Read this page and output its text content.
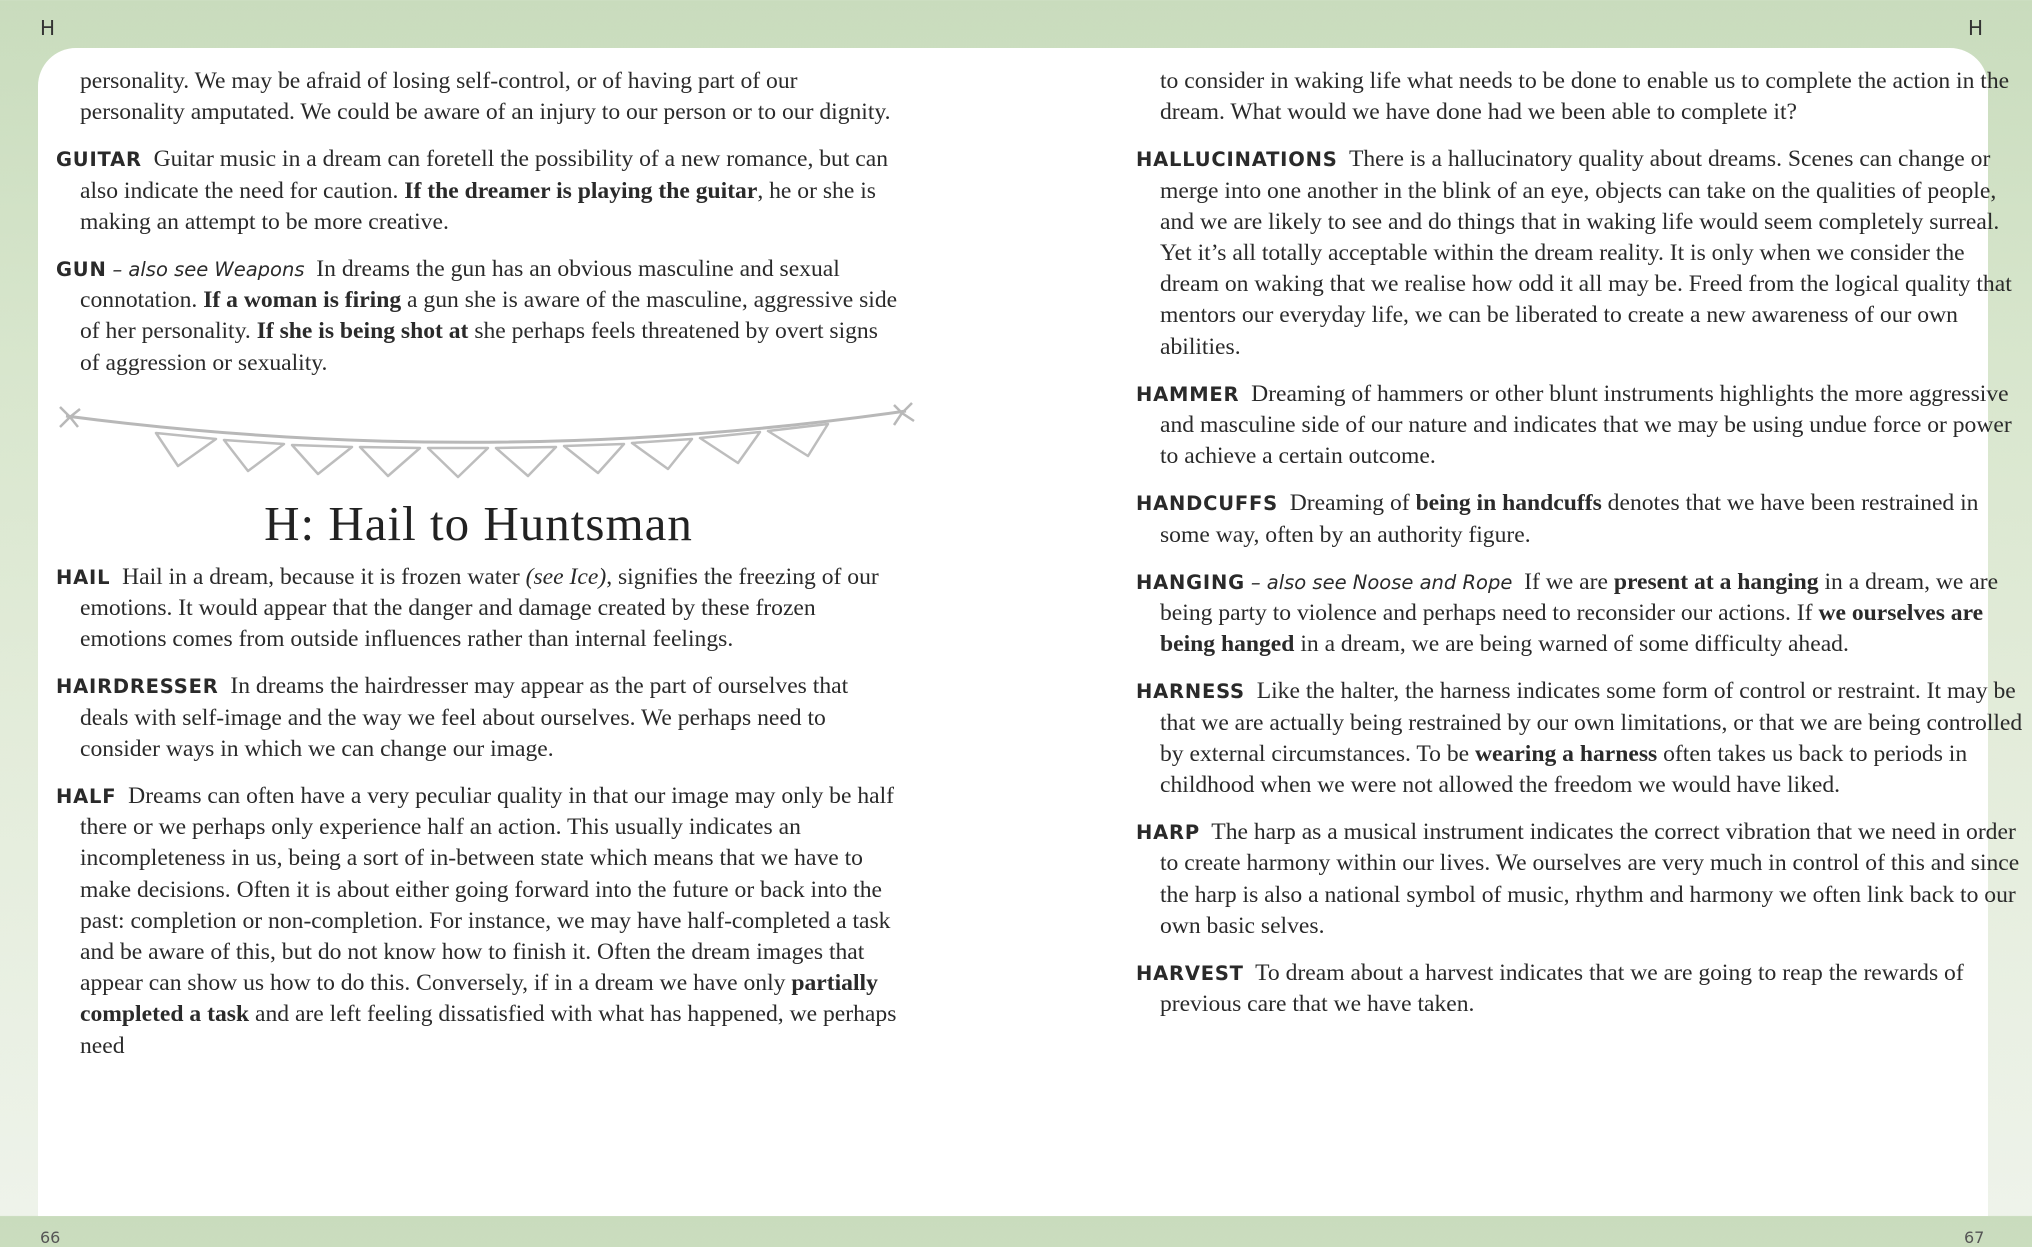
H	H

personality. We may be afraid of losing self-control, or of having part of our personality amputated. We could be aware of an injury to our person or to our dignity.

GUITAR Guitar music in a dream can foretell the possibility of a new romance, but can also indicate the need for caution. If the dreamer is playing the guitar, he or she is making an attempt to be more creative.

GUN – also see Weapons In dreams the gun has an obvious masculine and sexual connotation. If a woman is firing a gun she is aware of the masculine, aggressive side of her personality. If she is being shot at she perhaps feels threatened by overt signs of aggression or sexuality.

H: Hail to Huntsman

HAIL Hail in a dream, because it is frozen water (see Ice), signifies the freezing of our emotions. It would appear that the danger and damage created by these frozen emotions comes from outside influences rather than internal feelings.

HAIRDRESSER In dreams the hairdresser may appear as the part of ourselves that deals with self-image and the way we feel about ourselves. We perhaps need to consider ways in which we can change our image.

HALF Dreams can often have a very peculiar quality in that our image may only be half there or we perhaps only experience half an action. This usually indicates an incompleteness in us, being a sort of in-between state which means that we have to make decisions. Often it is about either going forward into the future or back into the past: completion or non-completion. For instance, we may have half-completed a task and be aware of this, but do not know how to finish it. Often the dream images that appear can show us how to do this. Conversely, if in a dream we have only partially completed a task and are left feeling dissatisfied with what has happened, we perhaps need

to consider in waking life what needs to be done to enable us to complete the action in the dream. What would we have done had we been able to complete it?

HALLUCINATIONS There is a hallucinatory quality about dreams. Scenes can change or merge into one another in the blink of an eye, objects can take on the qualities of people, and we are likely to see and do things that in waking life would seem completely surreal. Yet it’s all totally acceptable within the dream reality. It is only when we consider the dream on waking that we realise how odd it all may be. Freed from the logical quality that mentors our everyday life, we can be liberated to create a new awareness of our own abilities.

HAMMER Dreaming of hammers or other blunt instruments highlights the more aggressive and masculine side of our nature and indicates that we may be using undue force or power to achieve a certain outcome.

HANDCUFFS Dreaming of being in handcuffs denotes that we have been restrained in some way, often by an authority figure.

HANGING – also see Noose and Rope If we are present at a hanging in a dream, we are being party to violence and perhaps need to reconsider our actions. If we ourselves are being hanged in a dream, we are being warned of some difficulty ahead.

HARNESS Like the halter, the harness indicates some form of control or restraint. It may be that we are actually being restrained by our own limitations, or that we are being controlled by external circumstances. To be wearing a harness often takes us back to periods in childhood when we were not allowed the freedom we would have liked.

HARP The harp as a musical instrument indicates the correct vibration that we need in order to create harmony within our lives. We ourselves are very much in control of this and since the harp is also a national symbol of music, rhythm and harmony we often link back to our own basic selves.

HARVEST To dream about a harvest indicates that we are going to reap the rewards of previous care that we have taken.

66	67
